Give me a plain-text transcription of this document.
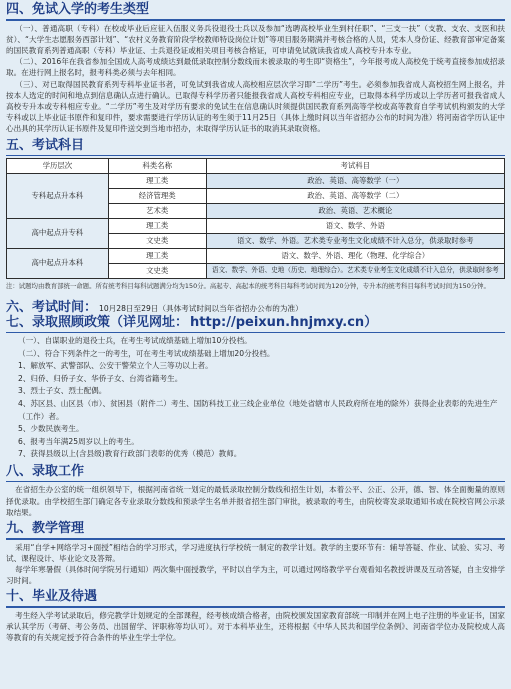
四、免试入学的考生类型
（一）、普通高职（专科）在校或毕业后应征入伍服义务兵役退役士兵以及参加“选聘高校毕业生到村任职”、“三支一扶”（支教、支农、支医和扶贫）、“大学生志愿服务西部计划”、“农村义务教育阶段学校教师特设岗位计划”等项目服务期满并考核合格的人员，凭本人身份证、经教育部审定备案的国民教育系列普通高职（专科）毕业证、士兵退役证或相关项目考核合格证，可申请免试就读我省成人高校专升本专业。
（二）、2016年在我省参加全国成人高考成绩达到最低录取控制分数线而未被录取的考生即“资格生”，今年报考成人高校免于统考直接参加成招录取。在进行网上报名时，报考科类必须与去年相同。
（三）、对已取得国民教育系列专科毕业证书者，可免试到我省成人高校相应层次学习即“二学历”考生。必须参加我省成人高校招生网上报名，并按本人选定的时间和地点到信息确认点进行确认。已取得专科学历者只能报我省成人高校专科相应专业，已取得本科学历或以上学历者可报我省成人高校专升本或专科相应专业。“二学历”考生及对学历有要求的免试生在信息确认时须提供国民教育系列高等学校或高等教育自学考试机构颁发的大学专科或以上毕业证书原件和复印件，要求需要进行学历认证的考生须于11月25日（具体上缴时间以当年省招办公布的时间为准）将河南省学历认证中心出具的其学历认证书原件及复印件送交到当地市招办，未取得学历认证书的取消其录取资格。
五、考试科目
学历层次	科类名称	考试科目
专科起点升本科	理工类	政治、英语、高等数学（一）
	经济管理类	政治、英语、高等数学（二）
	艺术类	政治、英语、艺术概论
高中起点升专科	理工类	语文、数学、外语
	文史类	语文、数学、外语。艺术类专业考生文化成绩不计入总分，供录取时参考
高中起点升本科	理工类	语文、数学、外语、理化（物理、化学综合）
	文史类	语文、数学、外语、史地（历史、地理综合）。艺术类专业考生文化成绩不计入总分，供录取时参考
注：试题均由教育部统一命题。所有统考科目每科试题满分均为150分。高起专、高起本的统考科目每科考试时间为120分钟，专升本的统考科目每科考试时间为150分钟。
六、考试时间： 10月28日至29日（具体考试时间以当年省招办公布的为准）
七、录取照顾政策（详见网址： http://peixun.hnjmxy.cn ）
（一）、自谋职业的退役士兵，在考生考试成绩基础上增加10分投档。
（二）、符合下列条件之一的考生，可在考生考试成绩基础上增加20分投档。
1、解放军、武警部队、公安干警荣立个人三等功以上者。
2、归侨、归侨子女、华侨子女、台湾省籍考生。
3、烈士子女、烈士配偶。
4、苏区县、山区县（市）、贫困县（附件二）考生、国防科技工业三线企业单位（地处省辖市人民政府所在地的除外）获得企业表彰的先进生产（工作）者。
5、少数民族考生。
6、报考当年满25周岁以上的考生。
7、获得县级以上(含县级)教育行政部门表彰的优秀（模范）教师。
八、录取工作
在省招生办公室的统一组织领导下，根据河南省统一划定的最低录取控制分数线和招生计划，本着公平、公正、公开，德、智、体全面衡量的原则择优录取。由学校招生部门确定各专业录取分数线和预录学生名单并报省招生部门审批，被录取的考生，由院校寄发录取通知书或在院校官网公示录取结果。
九、教学管理
采用“自学+网络学习+面授”相结合的学习形式，学习进度执行学校统一制定的教学计划。教学的主要环节有：辅导答疑、作业、试验、实习、考试、课程设计、毕业论文及答辩。
每学年寒暑假（具体时间学院另行通知）两次集中面授教学，平时以自学为主，可以通过网络教学平台观看知名教授讲课及互动答疑，自主安排学习时间。
十、毕业及待遇
考生经入学考试录取后，修完教学计划规定的全部课程，经考核成绩合格者，由院校颁发国家教育部统一印制并在网上电子注册的毕业证书，国家承认其学历（考研、考公务员、出国留学、评职称等均认可）。对于本科毕业生，还将根据《中华人民共和国学位条例》、河南省学位办及院校成人高等教育的有关规定授予符合条件的毕业生学士学位。
